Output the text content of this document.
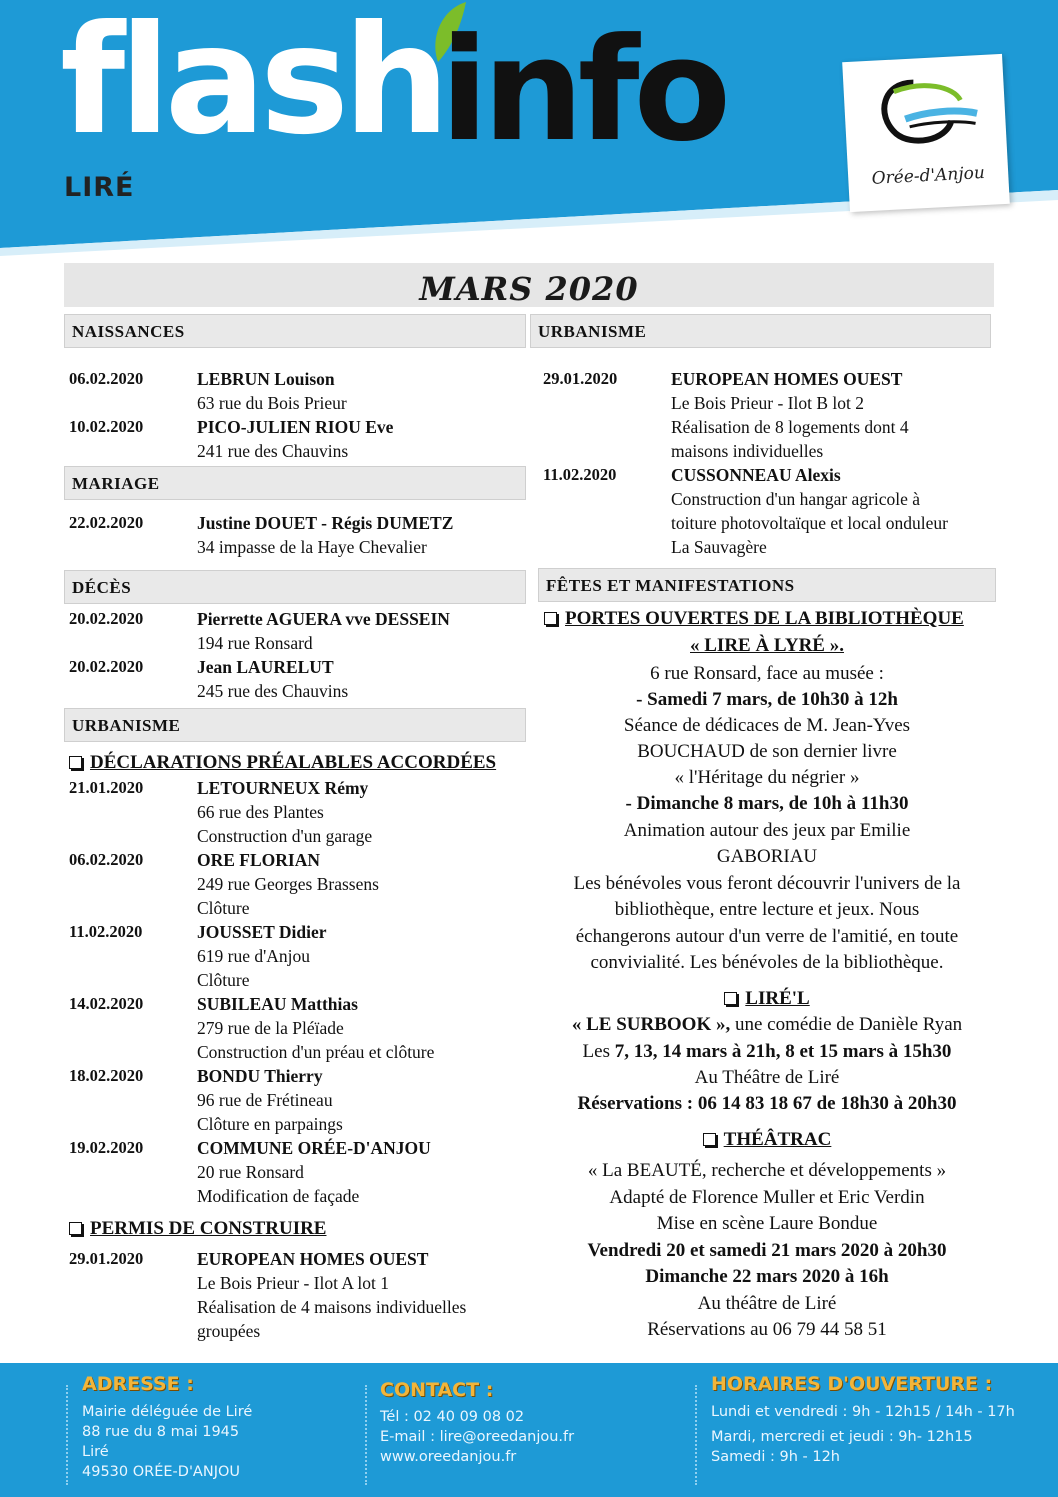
flash
info
LIRÉ	Orée-d'Anjou
MARS 2020
NAISSANCES
06.02.2020	LEBRUN Louison
63 rue du Bois Prieur
10.02.2020	PICO-JULIEN RIOU Eve
241 rue des Chauvins
MARIAGE
22.02.2020	Justine DOUET - Régis DUMETZ
34 impasse de la Haye Chevalier
DÉCÈS
20.02.2020	Pierrette AGUERA vve DESSEIN
194 rue Ronsard
20.02.2020	Jean LAURELUT
245 rue des Chauvins
URBANISME
DÉCLARATIONS PRÉALABLES ACCORDÉES
21.01.2020	LETOURNEUX Rémy
66 rue des Plantes
Construction d'un garage
06.02.2020	ORE FLORIAN
249 rue Georges Brassens
Clôture
11.02.2020	JOUSSET Didier
619 rue d'Anjou
Clôture
14.02.2020	SUBILEAU Matthias
279 rue de la Pléïade
Construction d'un préau et clôture
18.02.2020	BONDU Thierry
96 rue de Frétineau
Clôture en parpaings
19.02.2020	COMMUNE ORÉE-D'ANJOU
20 rue Ronsard
Modification de façade
PERMIS DE CONSTRUIRE
29.01.2020	EUROPEAN HOMES OUEST
Le Bois Prieur - Ilot A lot 1
Réalisation de 4 maisons individuelles
groupées
URBANISME
29.01.2020	EUROPEAN HOMES OUEST
Le Bois Prieur - Ilot B lot 2
Réalisation de 8 logements dont 4
maisons individuelles
11.02.2020	CUSSONNEAU Alexis
Construction d'un hangar agricole à
toiture photovoltaïque et local onduleur
La Sauvagère
FÊTES ET MANIFESTATIONS
PORTES OUVERTES DE LA BIBLIOTHÈQUE
« LIRE À LYRÉ ».
6 rue Ronsard, face au musée :
- Samedi 7 mars, de 10h30 à 12h
Séance de dédicaces de M. Jean-Yves
BOUCHAUD de son dernier livre
« l'Héritage du négrier »
- Dimanche 8 mars, de 10h à 11h30
Animation autour des jeux par Emilie
GABORIAU
Les bénévoles vous feront découvrir l'univers de la
bibliothèque, entre lecture et jeux. Nous
échangerons autour d'un verre de l'amitié, en toute
convivialité. Les bénévoles de la bibliothèque.
LIRÉ'L
« LE SURBOOK », une comédie de Danièle Ryan
Les 7, 13, 14 mars à 21h, 8 et 15 mars à 15h30
Au Théâtre de Liré
Réservations : 06 14 83 18 67 de 18h30 à 20h30
THÉÂTRAC
« La BEAUTÉ, recherche et développements »
Adapté de Florence Muller et Eric Verdin
Mise en scène Laure Bondue
Vendredi 20 et samedi 21 mars 2020 à 20h30
Dimanche 22 mars 2020 à 16h
Au théâtre de Liré
Réservations au 06 79 44 58 51
ADRESSE :
Mairie déléguée de Liré
88 rue du 8 mai 1945
Liré
49530 ORÉE-D'ANJOU
CONTACT :
Tél : 02 40 09 08 02
E-mail : lire@oreedanjou.fr
www.oreedanjou.fr
HORAIRES D'OUVERTURE :
Lundi et vendredi : 9h - 12h15 / 14h - 17h
Mardi, mercredi et jeudi : 9h- 12h15
Samedi : 9h - 12h
